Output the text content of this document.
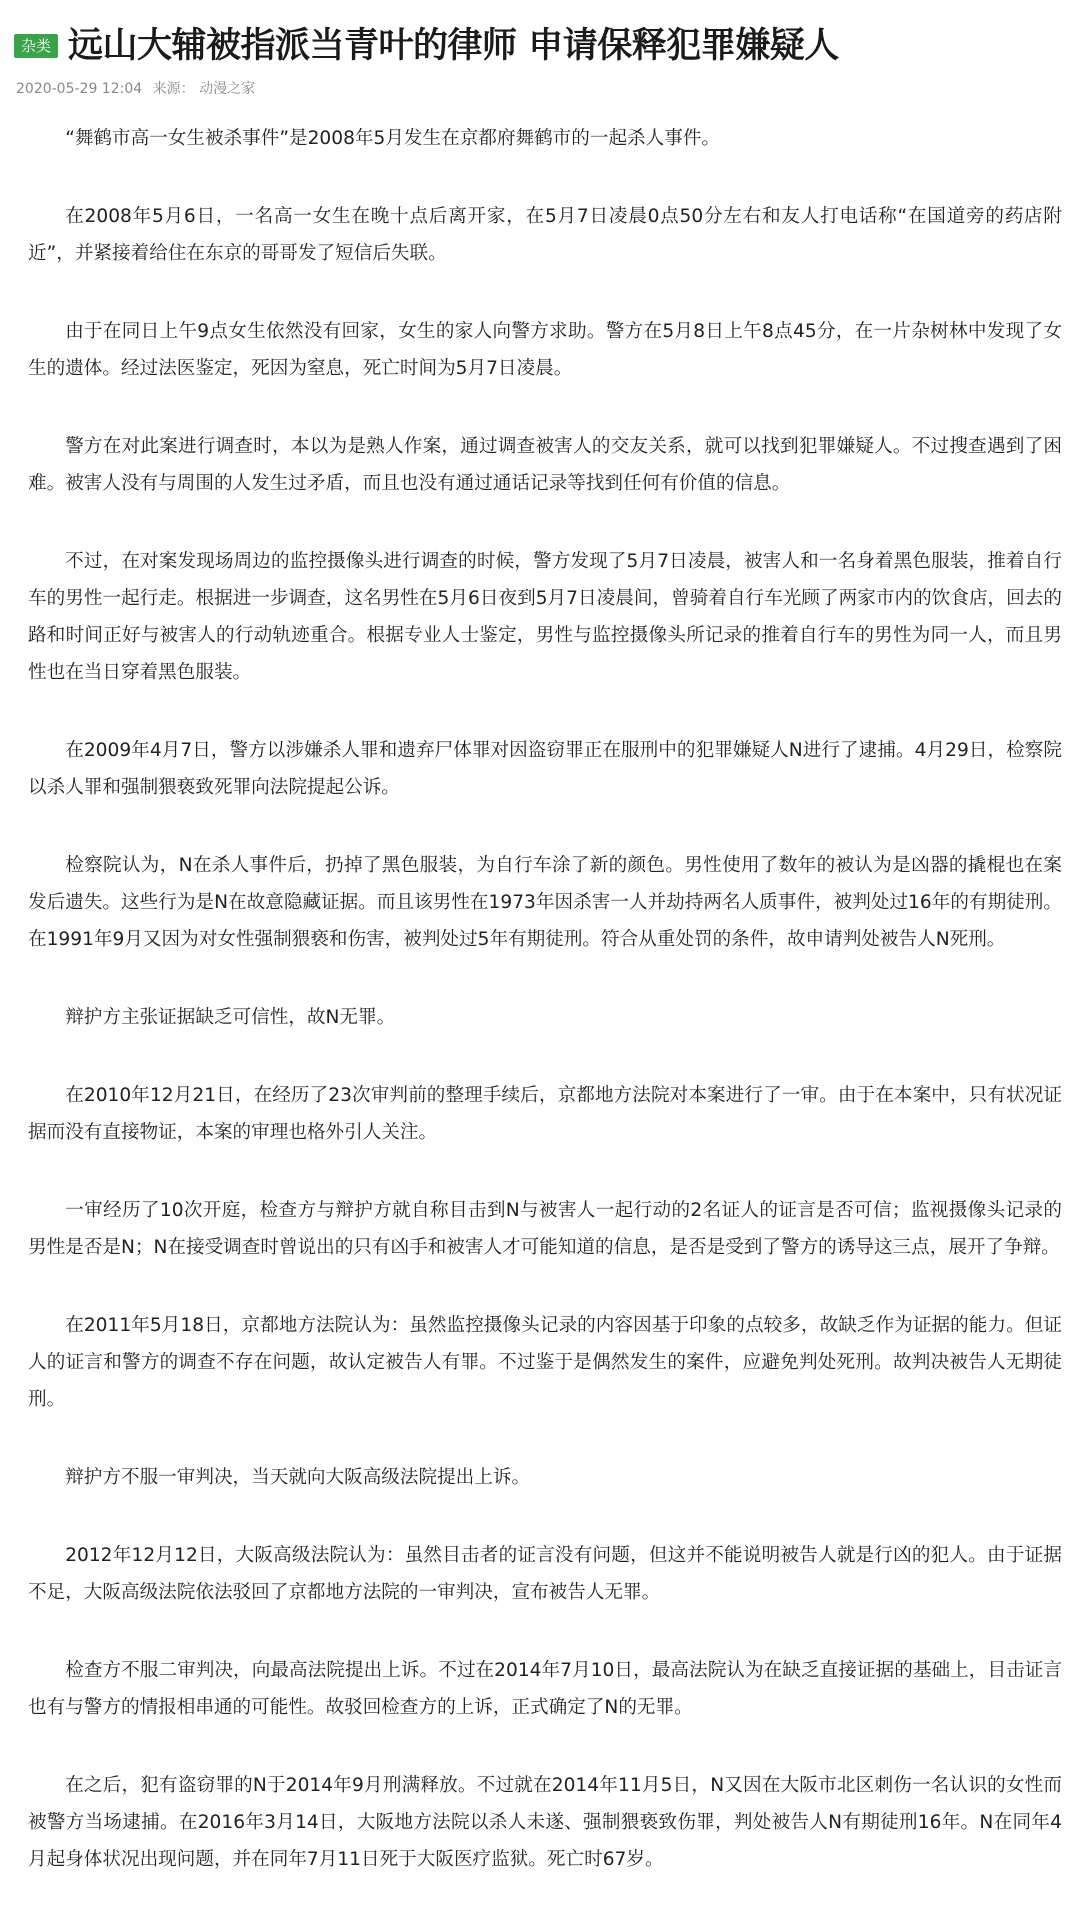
杂类 远山大辅被指派当青叶的律师 申请保释犯罪嫌疑人
2020-05-29 12:04 来源： 动漫之家

“舞鹤市高一女生被杀事件”是2008年5月发生在京都府舞鹤市的一起杀人事件。

在2008年5月6日，一名高一女生在晚十点后离开家，在5月7日凌晨0点50分左右和友人打电话称“在国道旁的药店附近”，并紧接着给住在东京的哥哥发了短信后失联。

由于在同日上午9点女生依然没有回家，女生的家人向警方求助。警方在5月8日上午8点45分，在一片杂树林中发现了女生的遗体。经过法医鉴定，死因为窒息，死亡时间为5月7日凌晨。

警方在对此案进行调查时，本以为是熟人作案，通过调查被害人的交友关系，就可以找到犯罪嫌疑人。不过搜查遇到了困难。被害人没有与周围的人发生过矛盾，而且也没有通过通话记录等找到任何有价值的信息。

不过，在对案发现场周边的监控摄像头进行调查的时候，警方发现了5月7日凌晨，被害人和一名身着黑色服装，推着自行车的男性一起行走。根据进一步调查，这名男性在5月6日夜到5月7日凌晨间，曾骑着自行车光顾了两家市内的饮食店，回去的路和时间正好与被害人的行动轨迹重合。根据专业人士鉴定，男性与监控摄像头所记录的推着自行车的男性为同一人，而且男性也在当日穿着黑色服装。

在2009年4月7日，警方以涉嫌杀人罪和遗弃尸体罪对因盗窃罪正在服刑中的犯罪嫌疑人N进行了逮捕。4月29日，检察院以杀人罪和强制猥亵致死罪向法院提起公诉。

检察院认为，N在杀人事件后，扔掉了黑色服装，为自行车涂了新的颜色。男性使用了数年的被认为是凶器的撬棍也在案发后遗失。这些行为是N在故意隐藏证据。而且该男性在1973年因杀害一人并劫持两名人质事件，被判处过16年的有期徒刑。在1991年9月又因为对女性强制猥亵和伤害，被判处过5年有期徒刑。符合从重处罚的条件，故申请判处被告人N死刑。

辩护方主张证据缺乏可信性，故N无罪。

在2010年12月21日，在经历了23次审判前的整理手续后，京都地方法院对本案进行了一审。由于在本案中，只有状况证据而没有直接物证，本案的审理也格外引人关注。

一审经历了10次开庭，检查方与辩护方就自称目击到N与被害人一起行动的2名证人的证言是否可信；监视摄像头记录的男性是否是N；N在接受调查时曾说出的只有凶手和被害人才可能知道的信息，是否是受到了警方的诱导这三点，展开了争辩。

在2011年5月18日，京都地方法院认为：虽然监控摄像头记录的内容因基于印象的点较多，故缺乏作为证据的能力。但证人的证言和警方的调查不存在问题，故认定被告人有罪。不过鉴于是偶然发生的案件，应避免判处死刑。故判决被告人无期徒刑。

辩护方不服一审判决，当天就向大阪高级法院提出上诉。

2012年12月12日，大阪高级法院认为：虽然目击者的证言没有问题，但这并不能说明被告人就是行凶的犯人。由于证据不足，大阪高级法院依法驳回了京都地方法院的一审判决，宣布被告人无罪。

检查方不服二审判决，向最高法院提出上诉。不过在2014年7月10日，最高法院认为在缺乏直接证据的基础上，目击证言也有与警方的情报相串通的可能性。故驳回检查方的上诉，正式确定了N的无罪。

在之后，犯有盗窃罪的N于2014年9月刑满释放。不过就在2014年11月5日，N又因在大阪市北区刺伤一名认识的女性而被警方当场逮捕。在2016年3月14日，大阪地方法院以杀人未遂、强制猥亵致伤罪，判处被告人N有期徒刑16年。N在同年4月起身体状况出现问题，并在同年7月11日死于大阪医疗监狱。死亡时67岁。
